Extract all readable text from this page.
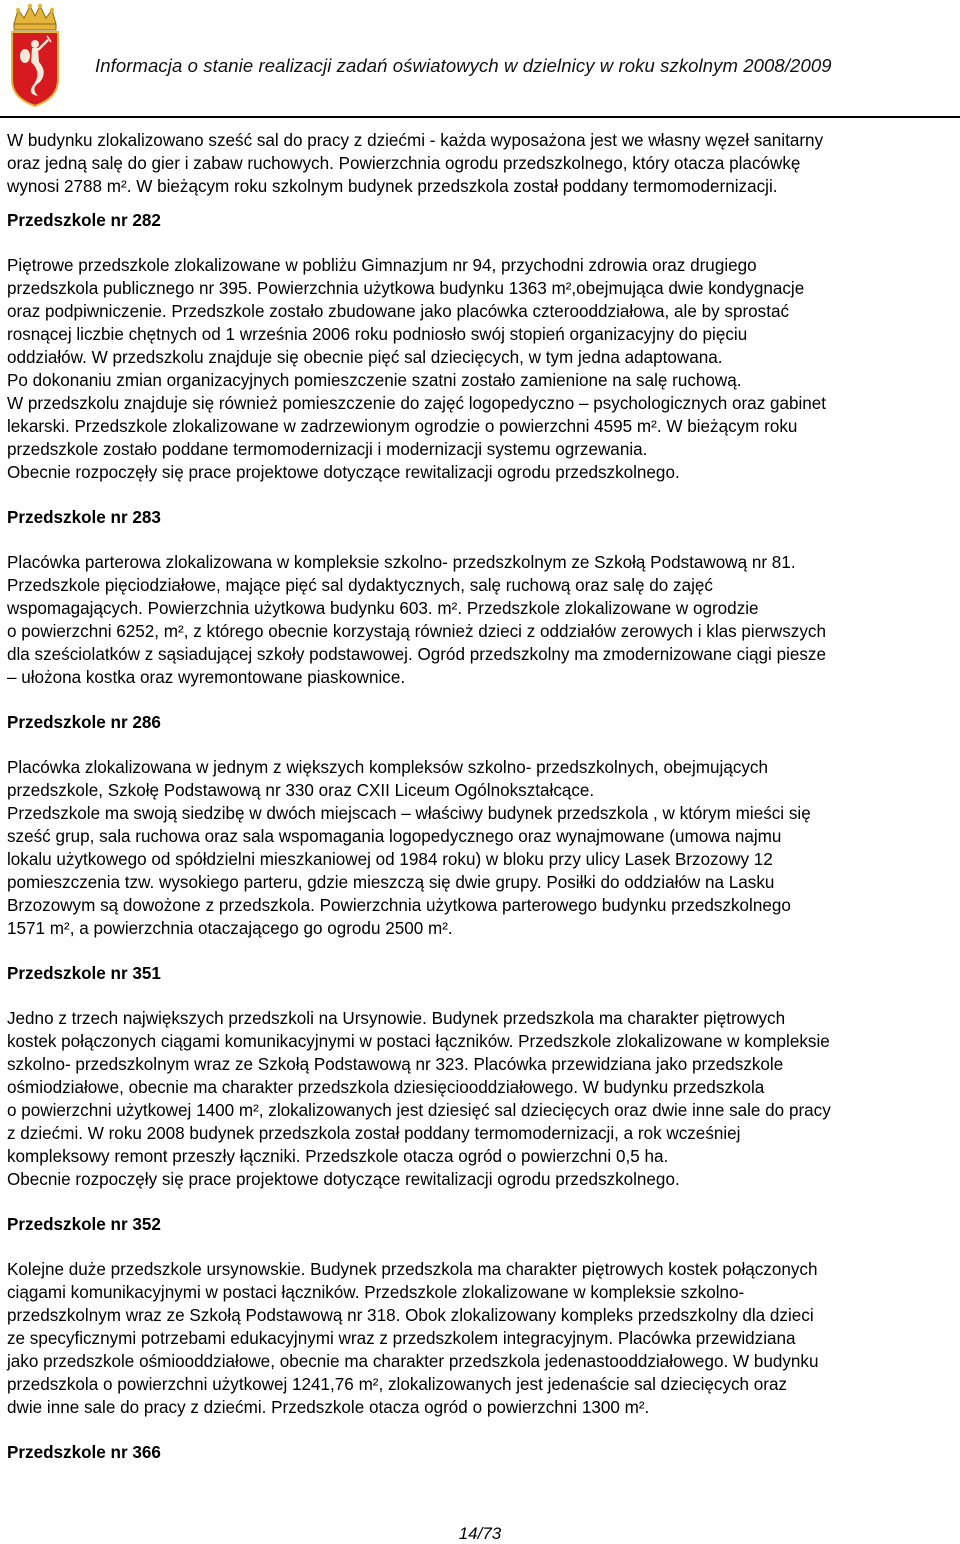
Informacja o stanie realizacji zadań oświatowych w dzielnicy w roku szkolnym 2008/2009

W budynku zlokalizowano sześć sal do pracy z dziećmi - każda wyposażona jest we własny węzeł sanitarny

oraz jedną salę do gier i zabaw ruchowych. Powierzchnia ogrodu przedszkolnego, który otacza placówkę

wynosi 2788 m². W bieżącym roku szkolnym budynek przedszkola został poddany termomodernizacji.

Przedszkole nr 282

Piętrowe przedszkole zlokalizowane w pobliżu Gimnazjum nr 94, przychodni zdrowia oraz drugiego

przedszkola publicznego nr 395. Powierzchnia użytkowa budynku 1363 m²,obejmująca dwie kondygnacje

oraz podpiwniczenie. Przedszkole zostało zbudowane jako placówka czterooddziałowa, ale by sprostać

rosnącej liczbie chętnych od 1 września 2006 roku podniosło swój stopień organizacyjny do pięciu

oddziałów. W przedszkolu znajduje się obecnie pięć sal dziecięcych, w tym jedna adaptowana.

Po dokonaniu zmian organizacyjnych pomieszczenie szatni zostało zamienione na salę ruchową.

W przedszkolu znajduje się również pomieszczenie do zajęć logopedyczno – psychologicznych oraz gabinet

lekarski. Przedszkole zlokalizowane w zadrzewionym ogrodzie o powierzchni 4595 m². W bieżącym roku

przedszkole zostało poddane termomodernizacji i modernizacji systemu ogrzewania.

Obecnie rozpoczęły się prace projektowe dotyczące rewitalizacji ogrodu przedszkolnego.

Przedszkole nr 283

Placówka parterowa zlokalizowana w kompleksie szkolno- przedszkolnym ze Szkołą Podstawową nr 81.

Przedszkole pięciodziałowe, mające pięć sal dydaktycznych, salę ruchową oraz salę do zajęć

wspomagających. Powierzchnia użytkowa budynku 603. m². Przedszkole zlokalizowane w ogrodzie

o powierzchni 6252, m², z którego obecnie korzystają również dzieci z oddziałów zerowych i klas pierwszych

dla sześciolatków z sąsiadującej szkoły podstawowej. Ogród przedszkolny ma zmodernizowane ciągi piesze

– ułożona kostka oraz wyremontowane piaskownice.

Przedszkole nr 286

Placówka zlokalizowana w jednym z większych kompleksów szkolno- przedszkolnych, obejmujących

przedszkole, Szkołę Podstawową nr 330 oraz CXII Liceum Ogólnokształcące.

Przedszkole ma swoją siedzibę w dwóch miejscach – właściwy budynek przedszkola , w którym mieści się

sześć grup, sala ruchowa oraz sala wspomagania logopedycznego oraz wynajmowane (umowa najmu

lokalu użytkowego od spółdzielni mieszkaniowej od 1984 roku) w bloku przy ulicy Lasek Brzozowy 12

pomieszczenia tzw. wysokiego parteru, gdzie mieszczą się dwie grupy. Posiłki do oddziałów na Lasku

Brzozowym są dowożone z przedszkola. Powierzchnia użytkowa parterowego budynku przedszkolnego

1571 m², a powierzchnia otaczającego go ogrodu 2500 m².

Przedszkole nr 351

Jedno z trzech największych przedszkoli na Ursynowie. Budynek przedszkola ma charakter piętrowych

kostek połączonych ciągami komunikacyjnymi w postaci łączników. Przedszkole zlokalizowane w kompleksie

szkolno- przedszkolnym wraz ze Szkołą Podstawową nr 323. Placówka przewidziana jako przedszkole

ośmiodziałowe, obecnie ma charakter przedszkola dziesięciooddziałowego. W budynku przedszkola

o powierzchni użytkowej 1400 m², zlokalizowanych jest dziesięć sal dziecięcych oraz dwie inne sale do pracy

z dziećmi. W roku 2008 budynek przedszkola został poddany termomodernizacji, a rok wcześniej

kompleksowy remont przeszły łączniki. Przedszkole otacza ogród o powierzchni 0,5 ha.

Obecnie rozpoczęły się prace projektowe dotyczące rewitalizacji ogrodu przedszkolnego.

Przedszkole nr 352

Kolejne duże przedszkole ursynowskie. Budynek przedszkola ma charakter piętrowych kostek połączonych

ciągami komunikacyjnymi w postaci łączników. Przedszkole zlokalizowane w kompleksie szkolno-

przedszkolnym wraz ze Szkołą Podstawową nr 318. Obok zlokalizowany kompleks przedszkolny dla dzieci

ze specyficznymi potrzebami edukacyjnymi wraz z przedszkolem integracyjnym. Placówka przewidziana

jako przedszkole ośmiooddziałowe, obecnie ma charakter przedszkola jedenastooddziałowego. W budynku

przedszkola o powierzchni użytkowej 1241,76 m², zlokalizowanych jest jedenaście sal dziecięcych oraz

dwie inne sale do pracy z dziećmi. Przedszkole otacza ogród o powierzchni 1300 m².

Przedszkole nr 366
14/73
